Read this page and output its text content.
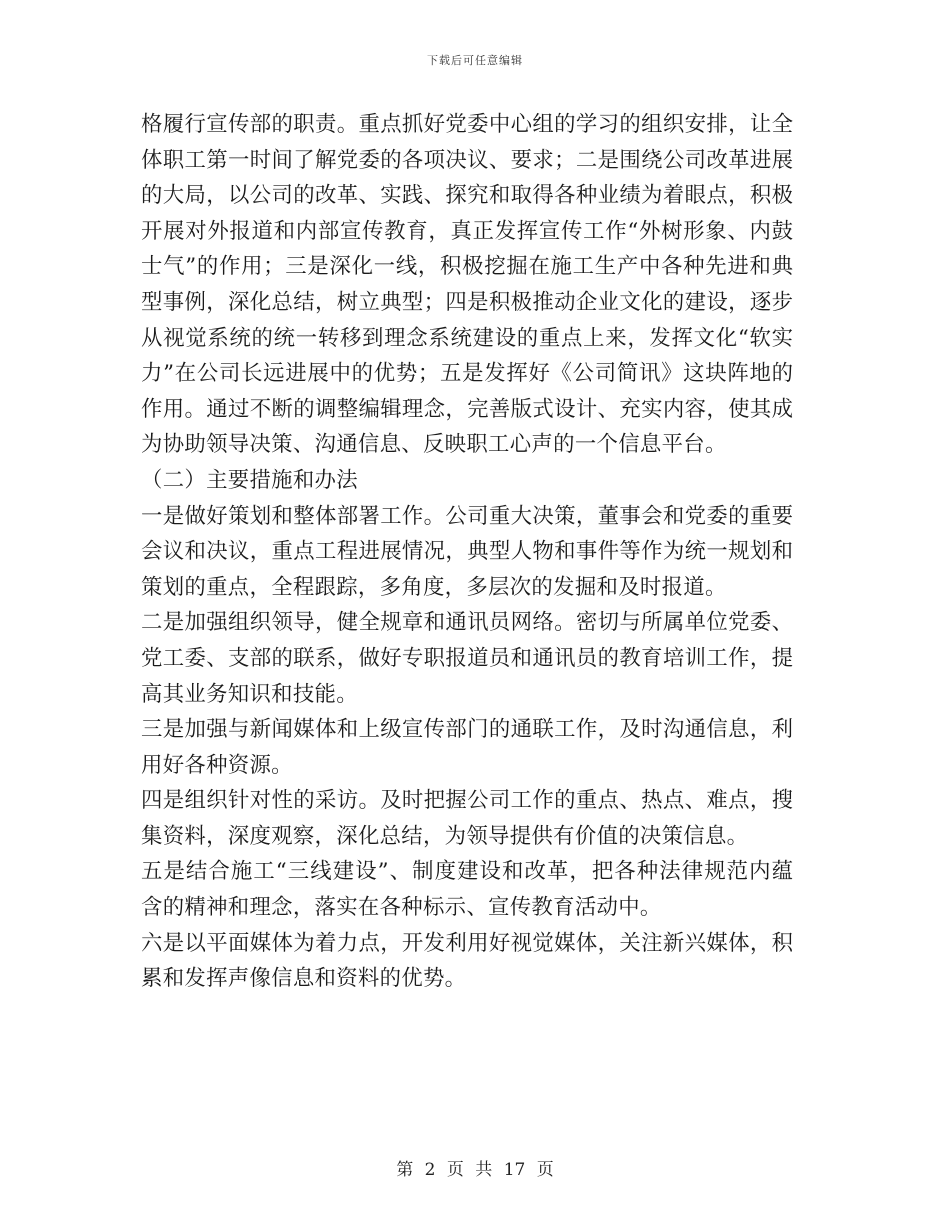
下载后可任意编辑
格履行宣传部的职责。重点抓好党委中心组的学习的组织安排，让全
体职工第一时间了解党委的各项决议、要求；二是围绕公司改革进展
的大局，以公司的改革、实践、探究和取得各种业绩为着眼点，积极
开展对外报道和内部宣传教育，真正发挥宣传工作“外树形象、内鼓
士气”的作用；三是深化一线，积极挖掘在施工生产中各种先进和典
型事例，深化总结，树立典型；四是积极推动企业文化的建设，逐步
从视觉系统的统一转移到理念系统建设的重点上来，发挥文化“软实
力”在公司长远进展中的优势；五是发挥好《公司简讯》这块阵地的
作用。通过不断的调整编辑理念，完善版式设计、充实内容，使其成
为协助领导决策、沟通信息、反映职工心声的一个信息平台。
（二）主要措施和办法
一是做好策划和整体部署工作。公司重大决策，董事会和党委的重要
会议和决议，重点工程进展情况，典型人物和事件等作为统一规划和
策划的重点，全程跟踪，多角度，多层次的发掘和及时报道。
二是加强组织领导，健全规章和通讯员网络。密切与所属单位党委、
党工委、支部的联系，做好专职报道员和通讯员的教育培训工作，提
高其业务知识和技能。
三是加强与新闻媒体和上级宣传部门的通联工作，及时沟通信息，利
用好各种资源。
四是组织针对性的采访。及时把握公司工作的重点、热点、难点，搜
集资料，深度观察，深化总结，为领导提供有价值的决策信息。
五是结合施工“三线建设”、制度建设和改革，把各种法律规范内蕴
含的精神和理念，落实在各种标示、宣传教育活动中。
六是以平面媒体为着力点，开发利用好视觉媒体，关注新兴媒体，积
累和发挥声像信息和资料的优势。
第 2 页 共 17 页
